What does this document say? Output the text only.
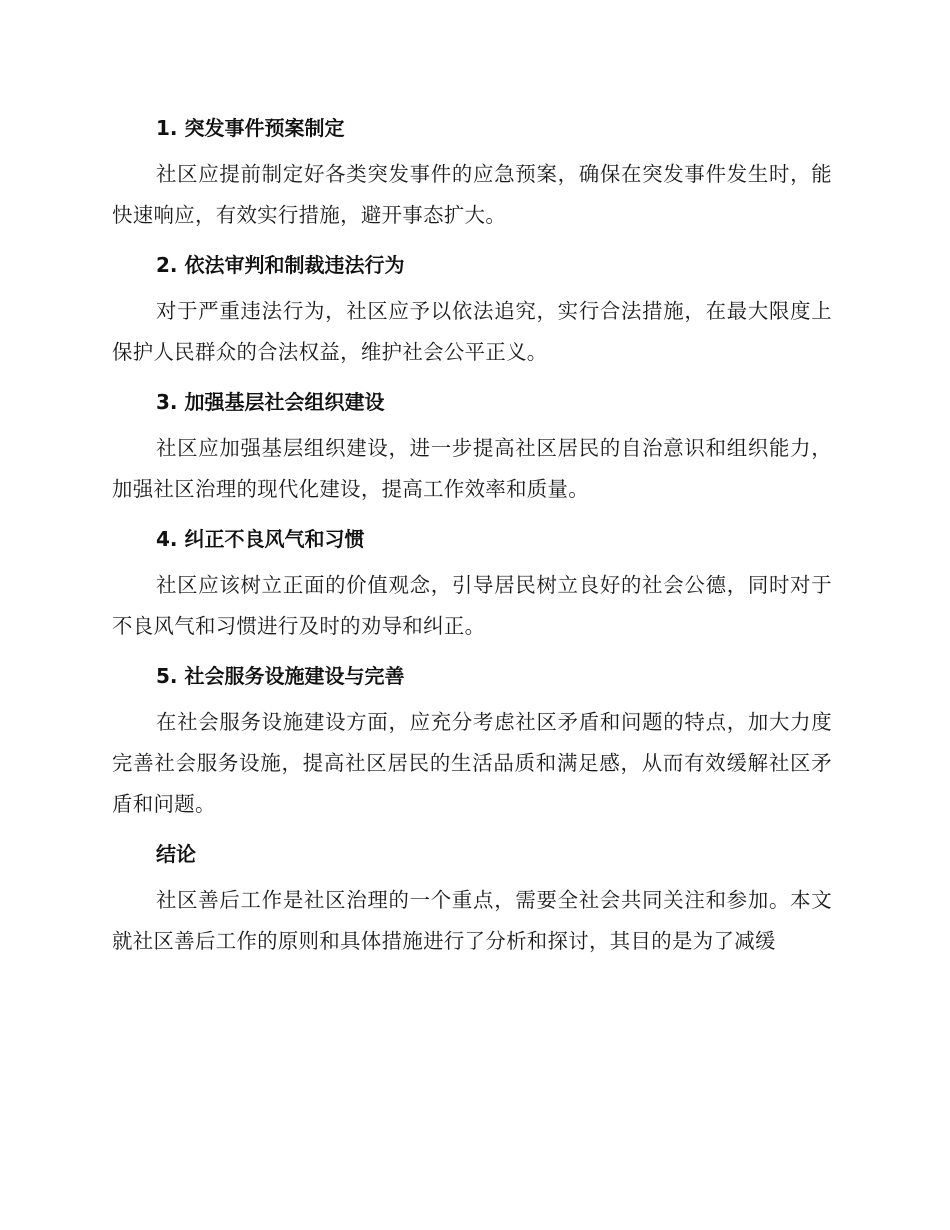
1. 突发事件预案制定

社区应提前制定好各类突发事件的应急预案，确保在突发事件发生时，能快速响应，有效实行措施，避开事态扩大。

2. 依法审判和制裁违法行为

对于严重违法行为，社区应予以依法追究，实行合法措施，在最大限度上保护人民群众的合法权益，维护社会公平正义。

3. 加强基层社会组织建设

社区应加强基层组织建设，进一步提高社区居民的自治意识和组织能力，加强社区治理的现代化建设，提高工作效率和质量。

4. 纠正不良风气和习惯

社区应该树立正面的价值观念，引导居民树立良好的社会公德，同时对于不良风气和习惯进行及时的劝导和纠正。

5. 社会服务设施建设与完善

在社会服务设施建设方面，应充分考虑社区矛盾和问题的特点，加大力度完善社会服务设施，提高社区居民的生活品质和满足感，从而有效缓解社区矛盾和问题。

结论

社区善后工作是社区治理的一个重点，需要全社会共同关注和参加。本文就社区善后工作的原则和具体措施进行了分析和探讨，其目的是为了减缓
